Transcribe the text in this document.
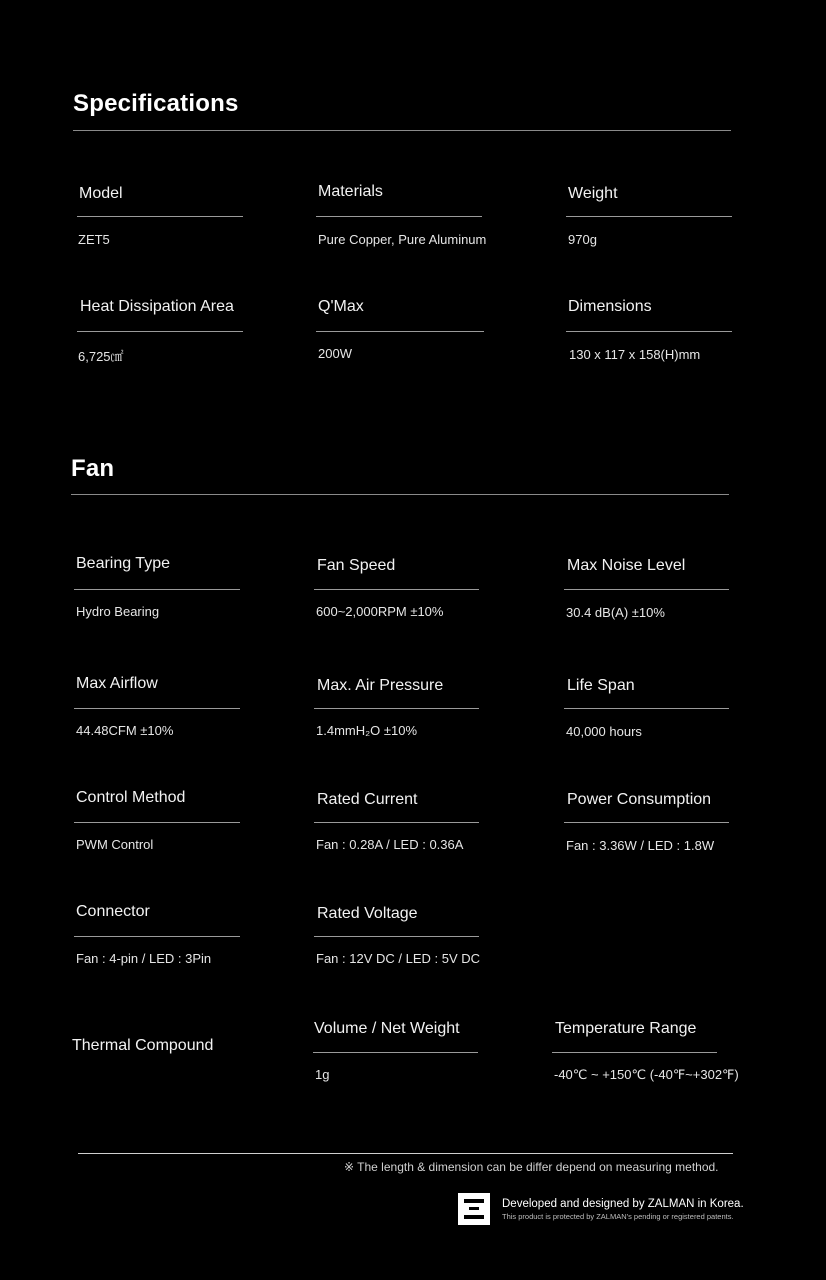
Specifications
Model
ZET5
Materials
Pure Copper, Pure Aluminum
Weight
970g
Heat Dissipation Area
6,725㎠
Q'Max
200W
Dimensions
130 x 117 x 158(H)mm
Fan
Bearing Type
Hydro Bearing
Fan Speed
600~2,000RPM ±10%
Max Noise Level
30.4 dB(A) ±10%
Max Airflow
44.48CFM ±10%
Max. Air Pressure
1.4mmH₂O ±10%
Life Span
40,000 hours
Control Method
PWM Control
Rated Current
Fan : 0.28A / LED : 0.36A
Power Consumption
Fan : 3.36W / LED : 1.8W
Connector
Fan : 4-pin / LED : 3Pin
Rated Voltage
Fan : 12V DC / LED : 5V DC
Thermal Compound
Volume / Net Weight
1g
Temperature Range
-40℃ ~ +150℃ (-40℉~+302℉)
※ The length & dimension can be differ depend on measuring method.
Developed and designed by ZALMAN in Korea.
This product is protected by ZALMAN's pending or registered patents.
